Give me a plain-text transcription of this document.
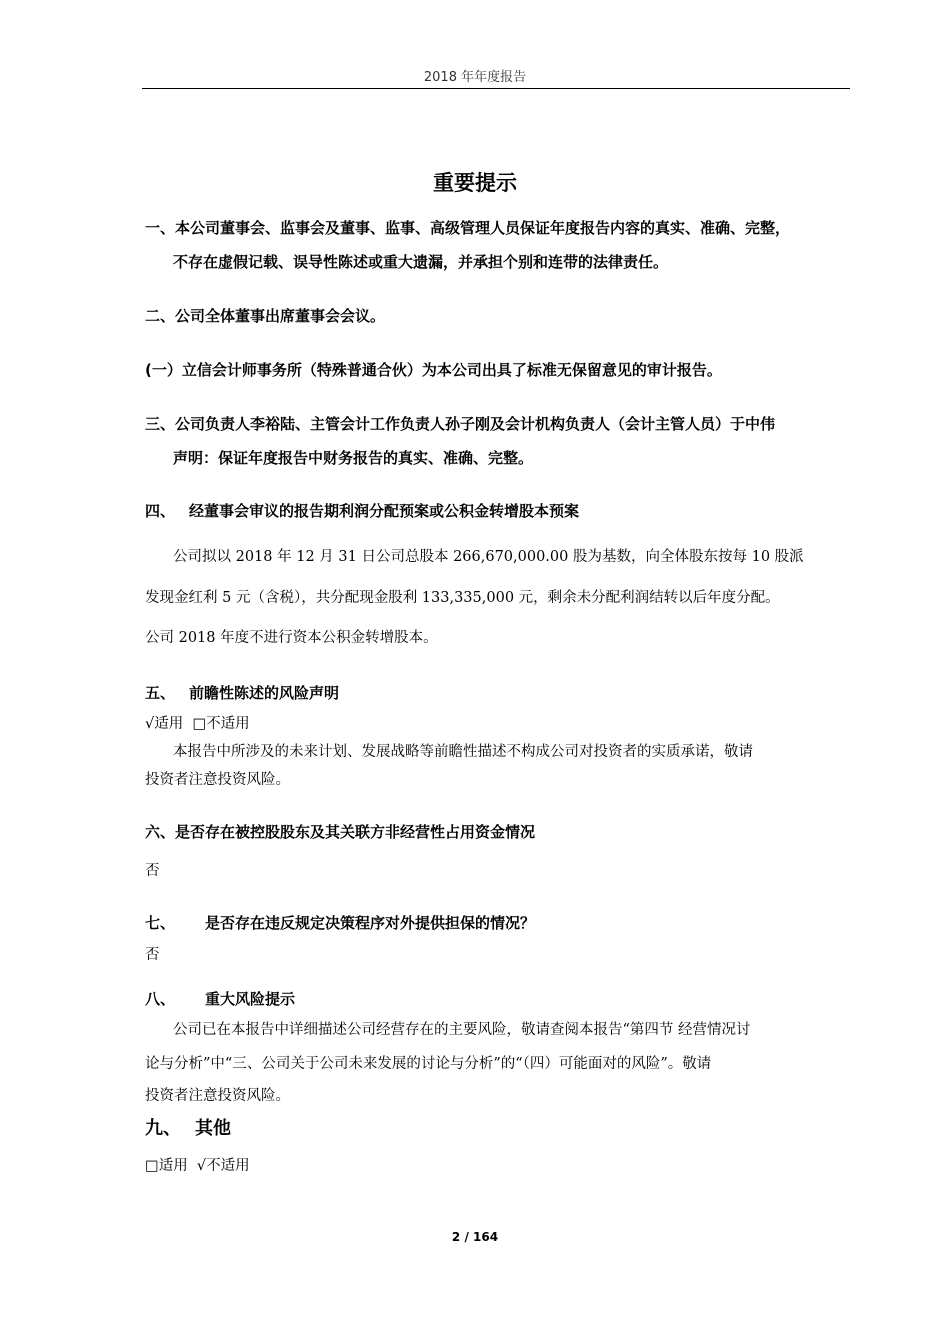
2018 年年度报告
重要提示
一、本公司董事会、监事会及董事、监事、高级管理人员保证年度报告内容的真实、准确、完整，
不存在虚假记载、误导性陈述或重大遗漏，并承担个别和连带的法律责任。
二、公司全体董事出席董事会会议。
(一）立信会计师事务所（特殊普通合伙）为本公司出具了标准无保留意见的审计报告。
三、公司负责人李裕陆、主管会计工作负责人孙子刚及会计机构负责人（会计主管人员）于中伟
声明：保证年度报告中财务报告的真实、准确、完整。
四、 经董事会审议的报告期利润分配预案或公积金转增股本预案
公司拟以 2018 年 12 月 31 日公司总股本 266,670,000.00 股为基数，向全体股东按每 10 股派
发现金红利 5 元（含税），共分配现金股利 133,335,000 元，剩余未分配利润结转以后年度分配。
公司 2018 年度不进行资本公积金转增股本。
五、 前瞻性陈述的风险声明
√适用 □不适用
本报告中所涉及的未来计划、发展战略等前瞻性描述不构成公司对投资者的实质承诺，敬请
投资者注意投资风险。
六、是否存在被控股股东及其关联方非经营性占用资金情况
否
七、 是否存在违反规定决策程序对外提供担保的情况？
否
八、 重大风险提示
公司已在本报告中详细描述公司经营存在的主要风险，敬请查阅本报告“第四节 经营情况讨
论与分析”中“三、公司关于公司未来发展的讨论与分析”的“（四）可能面对的风险”。敬请
投资者注意投资风险。
九、 其他
□适用 √不适用
2 / 164
